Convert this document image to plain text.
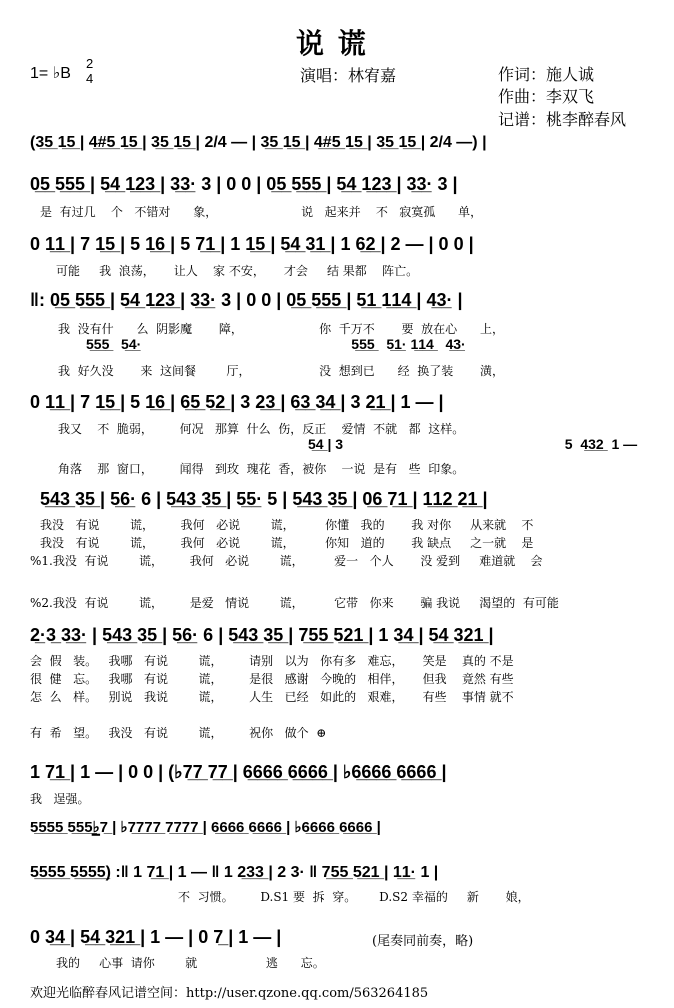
说 谎
1= ♭B
2
4	演唱：林宥嘉	作词：施人诚
作曲：李双飞
记谱：桃李醉春风
(3̲5̲ 1̲5̲ | 4̲#̲5̲ 1̲5̲ | 3̲5̲ 1̲5̲ | 2/4 — | 3̲5̲ 1̲5̲ | 4̲#̲5̲ 1̲5̲ | 3̲5̲ 1̲5̲ | 2/4 —) |
0̲5̲ 5̲5̲5̲ | 5̲4̲ 1̲2̲3̲ | 3̲3̲· 3 | 0 0 | 0̲5̲ 5̲5̲5̲ | 5̲4̲ 1̲2̲3̲ | 3̲3̲· 3 |
是  有过几    个   不错对      象，                      说   起来并    不   寂寞孤      单，
0 1̲1̲ | 7 1̲5̲ | 5 1̲6̲ | 5 7̲1̲ | 1 1̲5̲ | 5̲4̲ 3̲1̲ | 1 6̲2̲ | 2 — | 0 0 |
可能     我  浪荡，     让人    家 不安，     才会     结 果都    阵亡。
‖: 0̲5̲ 5̲5̲5̲ | 5̲4̲ 1̲2̲3̲ | 3̲3̲· 3 | 0 0 | 0̲5̲ 5̲5̲5̲ | 5̲1̲ 1̲1̲4̲ | 4̲3̲· |
我  没有什      么  阴影魔       障，                    你  千万不       要  放在心      上，
5̲5̲5̲   5̲4̲·                                                      5̲5̲5̲   5̲1̲· 1̲1̲4̲   4̲3̲·
我  好久没       来  这间餐        厅，                  没  想到已      经  换了装       潢，
0 1̲1̲ | 7 1̲5̲ | 5 1̲6̲ | 6̲5̲ 5̲2̲ | 3 2̲3̲ | 6̲3̲ 3̲4̲ | 3 2̲1̲ | 1 — |
我又    不  脆弱，       何况   那算  什么  伤，反正    爱情  不就   都  这样。
5̲4̲ | 3                                                         5  4̲3̲2̲  1 —
角落    那  窗口，       闻得   到玫  瑰花  香，被你    一说  是有   些  印象。
5̲4̲3̲ 3̲5̲ | 5̲6̲· 6 | 5̲4̲3̲ 3̲5̲ | 5̲5̲· 5 | 5̲4̲3̲ 3̲5̲ | 0̲6̲ 7̲1̲ | 1̲1̲2̲ 2̲1̲ |
我没   有说        谎，       我何   必说        谎，        你懂   我的       我 对你     从来就    不
我没   有说        谎，       我何   必说        谎，        你知   道的       我 缺点     之一就    是
%1.我没  有说        谎，       我何   必说        谎，        爱一   个人       没 爱到     难道就    会
%2.我没  有说        谎，       是爱   情说        谎，        它带   你来       骗 我说     渴望的  有可能
2̲·3̲ 3̲3̲· | 5̲4̲3̲ 3̲5̲ | 5̲6̲· 6 | 5̲4̲3̲ 3̲5̲ | 7̲5̲5̲ 5̲2̲1̲ | 1 3̲4̲ | 5̲4̲ 3̲2̲1̲ |
会  假   装。   我哪   有说        谎，       请别   以为   你有多   难忘，     笑是    真的 不是
很  健   忘。   我哪   有说        谎，       是很   感谢   今晚的   相伴，     但我    竟然 有些
怎  么   样。   别说   我说        谎，       人生   已经   如此的   艰难，     有些    事情 就不
有  希   望。   我没   有说        谎，       祝你   做个  ⊕
1 7̲1̲ | 1 — | 0 0 | (♭7̲7̲ 7̲7̲ | 6̲6̲6̲6̲ 6̲6̲6̲6̲ | ♭6̲6̲6̲6̲ 6̲6̲6̲6̲ |
我   逞强。
5̲5̲5̲5̲ 5̲5̲5̲♭̲7̲ | ♭7̲7̲7̲7̲ 7̲7̲7̲7̲ | 6̲6̲6̲6̲ 6̲6̲6̲6̲ | ♭6̲6̲6̲6̲ 6̲6̲6̲6̲ |
5̲5̲5̲5̲ 5̲5̲5̲5̲) :‖ 1 7̲1̲ | 1 — ‖ 1 2̲3̲3̲ | 2 3· ‖ 7̲5̲5̲ 5̲2̲1̲ | 1̲1̲· 1 |
不  习惯。       D.S1 要  拆  穿。      D.S2 幸福的     新       娘，
0 3̲4̲ | 5̲4̲ 3̲2̲1̲ | 1 — | 0 7̲ | 1 — |
我的     心事  请你        就                  逃      忘。
(尾奏同前奏，略)
欢迎光临醉春风记谱空间：http://user.qzone.qq.com/563264185
